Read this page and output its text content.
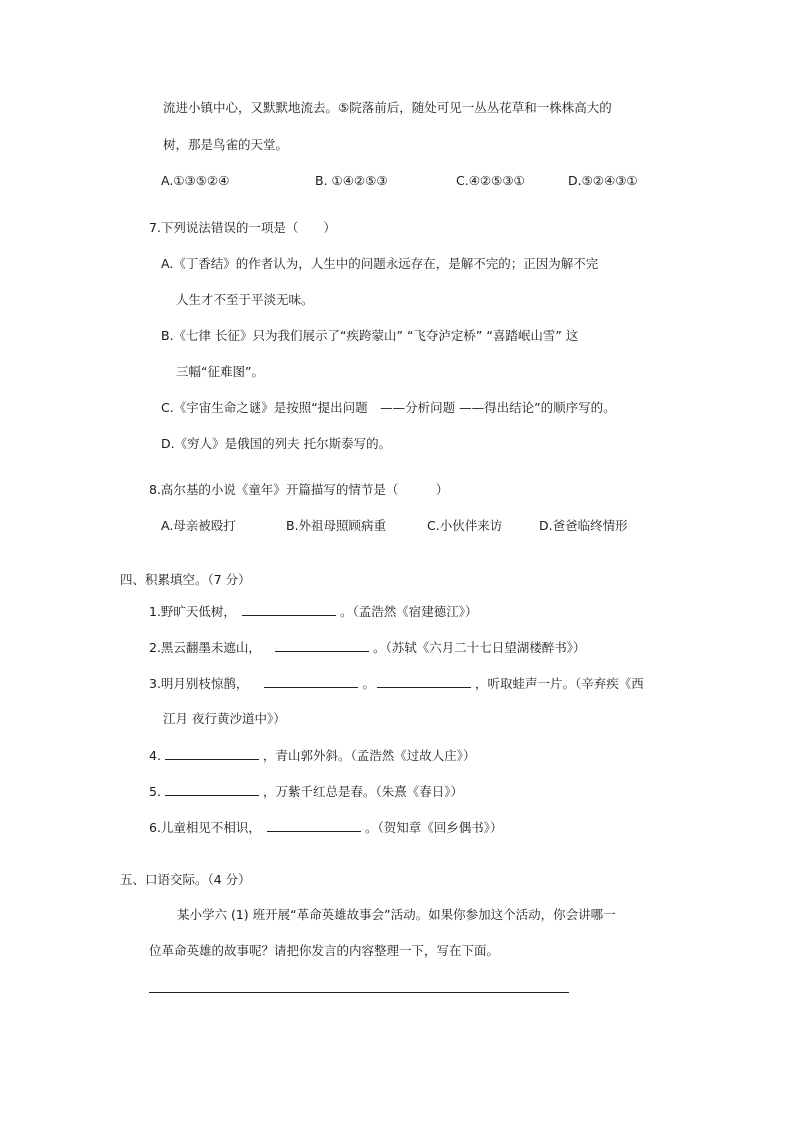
流进小镇中心，又默默地流去。⑤院落前后，随处可见一丛丛花草和一株株高大的
树，那是鸟雀的天堂。
A.①③⑤②④	B. ①④②⑤③	C.④②⑤③①	D.⑤②④③①
7.下列说法错误的一项是（　　）
A.《丁香结》的作者认为，人生中的问题永远存在，是解不完的；正因为解不完
人生才不至于平淡无味。
B.《七律 长征》只为我们展示了“疾跨蒙山” “飞夺泸定桥” “喜踏岷山雪” 这
三幅“征难图”。
C.《宇宙生命之谜》是按照“提出问题　——分析问题 ——得出结论”的顺序写的。
D.《穷人》是俄国的列夫 托尔斯泰写的。
8.高尔基的小说《童年》开篇描写的情节是（　　　）
A.母亲被殴打	B.外祖母照顾病重	C.小伙伴来访	D.爸爸临终情形
四、积累填空。（7 分）
1.野旷天低树，	。（孟浩然《宿建德江》）
2.黑云翻墨未遮山，	。（苏轼《六月二十七日望湖楼醉书》）
3.明月别枝惊鹊，	。	，听取蛙声一片。（辛弃疾《西
江月 夜行黄沙道中》）
4.	，青山郭外斜。（孟浩然《过故人庄》）
5.	，万紫千红总是春。（朱熹《春日》）
6.儿童相见不相识，	。（贺知章《回乡偶书》）
五、口语交际。（4 分）
某小学六 (1) 班开展“革命英雄故事会”活动。如果你参加这个活动，你会讲哪一
位革命英雄的故事呢？请把你发言的内容整理一下，写在下面。
